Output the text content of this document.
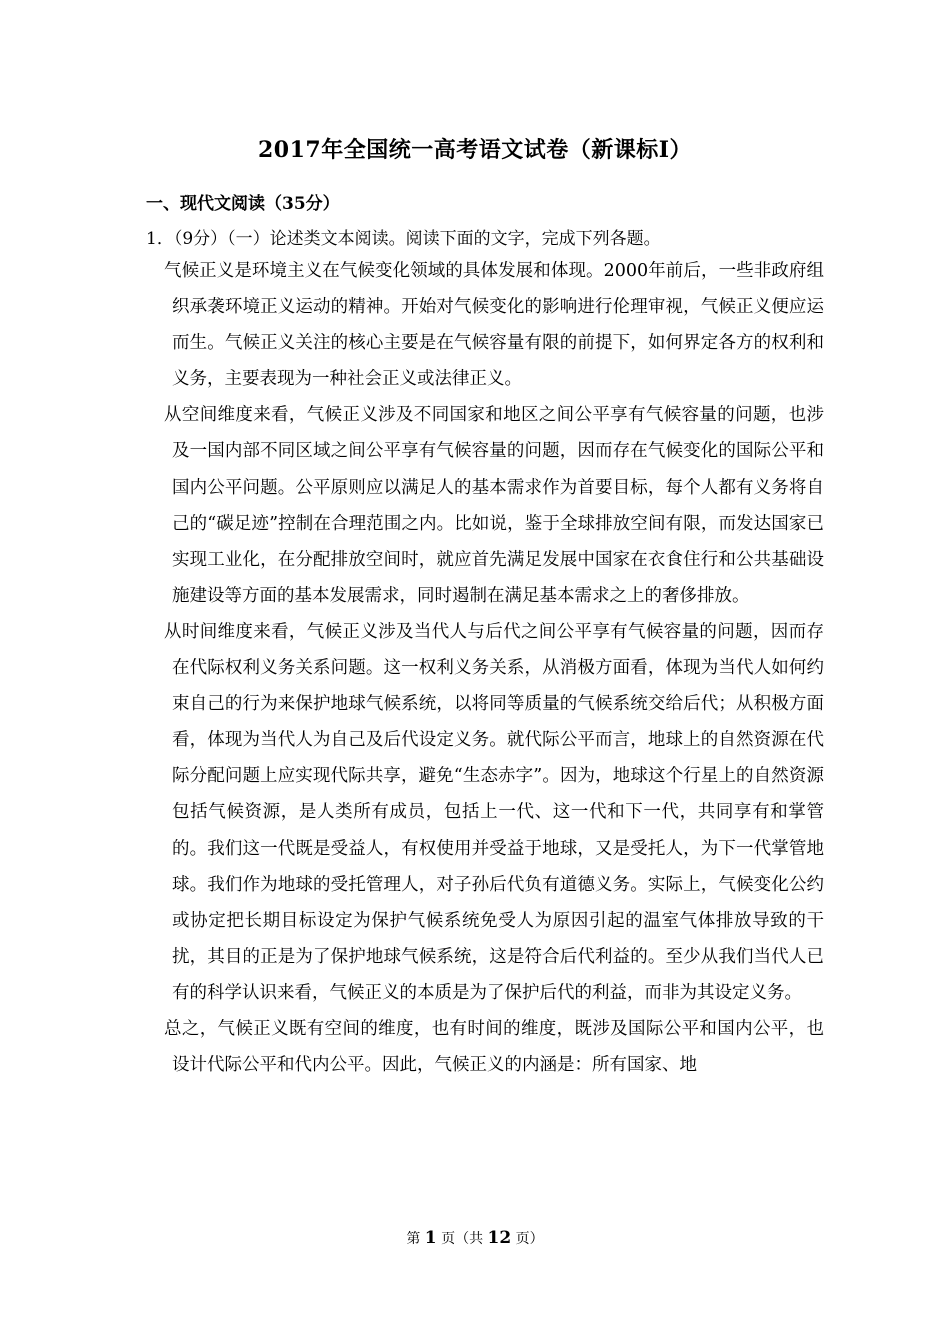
2017年全国统一高考语文试卷（新课标Ⅰ）
一、现代文阅读（35分）
1．（9分）（一）论述类文本阅读。阅读下面的文字，完成下列各题。

气候正义是环境主义在气候变化领域的具体发展和体现。2000年前后，一些非政府组织承袭环境正义运动的精神。开始对气候变化的影响进行伦理审视，气候正义便应运而生。气候正义关注的核心主要是在气候容量有限的前提下，如何界定各方的权利和义务，主要表现为一种社会正义或法律正义。

从空间维度来看，气候正义涉及不同国家和地区之间公平享有气候容量的问题，也涉及一国内部不同区域之间公平享有气候容量的问题，因而存在气候变化的国际公平和国内公平问题。公平原则应以满足人的基本需求作为首要目标，每个人都有义务将自己的“碳足迹”控制在合理范围之内。比如说，鉴于全球排放空间有限，而发达国家已实现工业化，在分配排放空间时，就应首先满足发展中国家在衣食住行和公共基础设施建设等方面的基本发展需求，同时遏制在满足基本需求之上的奢侈排放。

从时间维度来看，气候正义涉及当代人与后代之间公平享有气候容量的问题，因而存在代际权利义务关系问题。这一权利义务关系，从消极方面看，体现为当代人如何约束自己的行为来保护地球气候系统，以将同等质量的气候系统交给后代；从积极方面看，体现为当代人为自己及后代设定义务。就代际公平而言，地球上的自然资源在代际分配问题上应实现代际共享，避免“生态赤字”。因为，地球这个行星上的自然资源包括气候资源，是人类所有成员，包括上一代、这一代和下一代，共同享有和掌管的。我们这一代既是受益人，有权使用并受益于地球，又是受托人，为下一代掌管地球。我们作为地球的受托管理人，对子孙后代负有道德义务。实际上，气候变化公约或协定把长期目标设定为保护气候系统免受人为原因引起的温室气体排放导致的干扰，其目的正是为了保护地球气候系统，这是符合后代利益的。至少从我们当代人已有的科学认识来看，气候正义的本质是为了保护后代的利益，而非为其设定义务。

总之，气候正义既有空间的维度，也有时间的维度，既涉及国际公平和国内公平，也设计代际公平和代内公平。因此，气候正义的内涵是：所有国家、地

第 1 页（共 12 页）
